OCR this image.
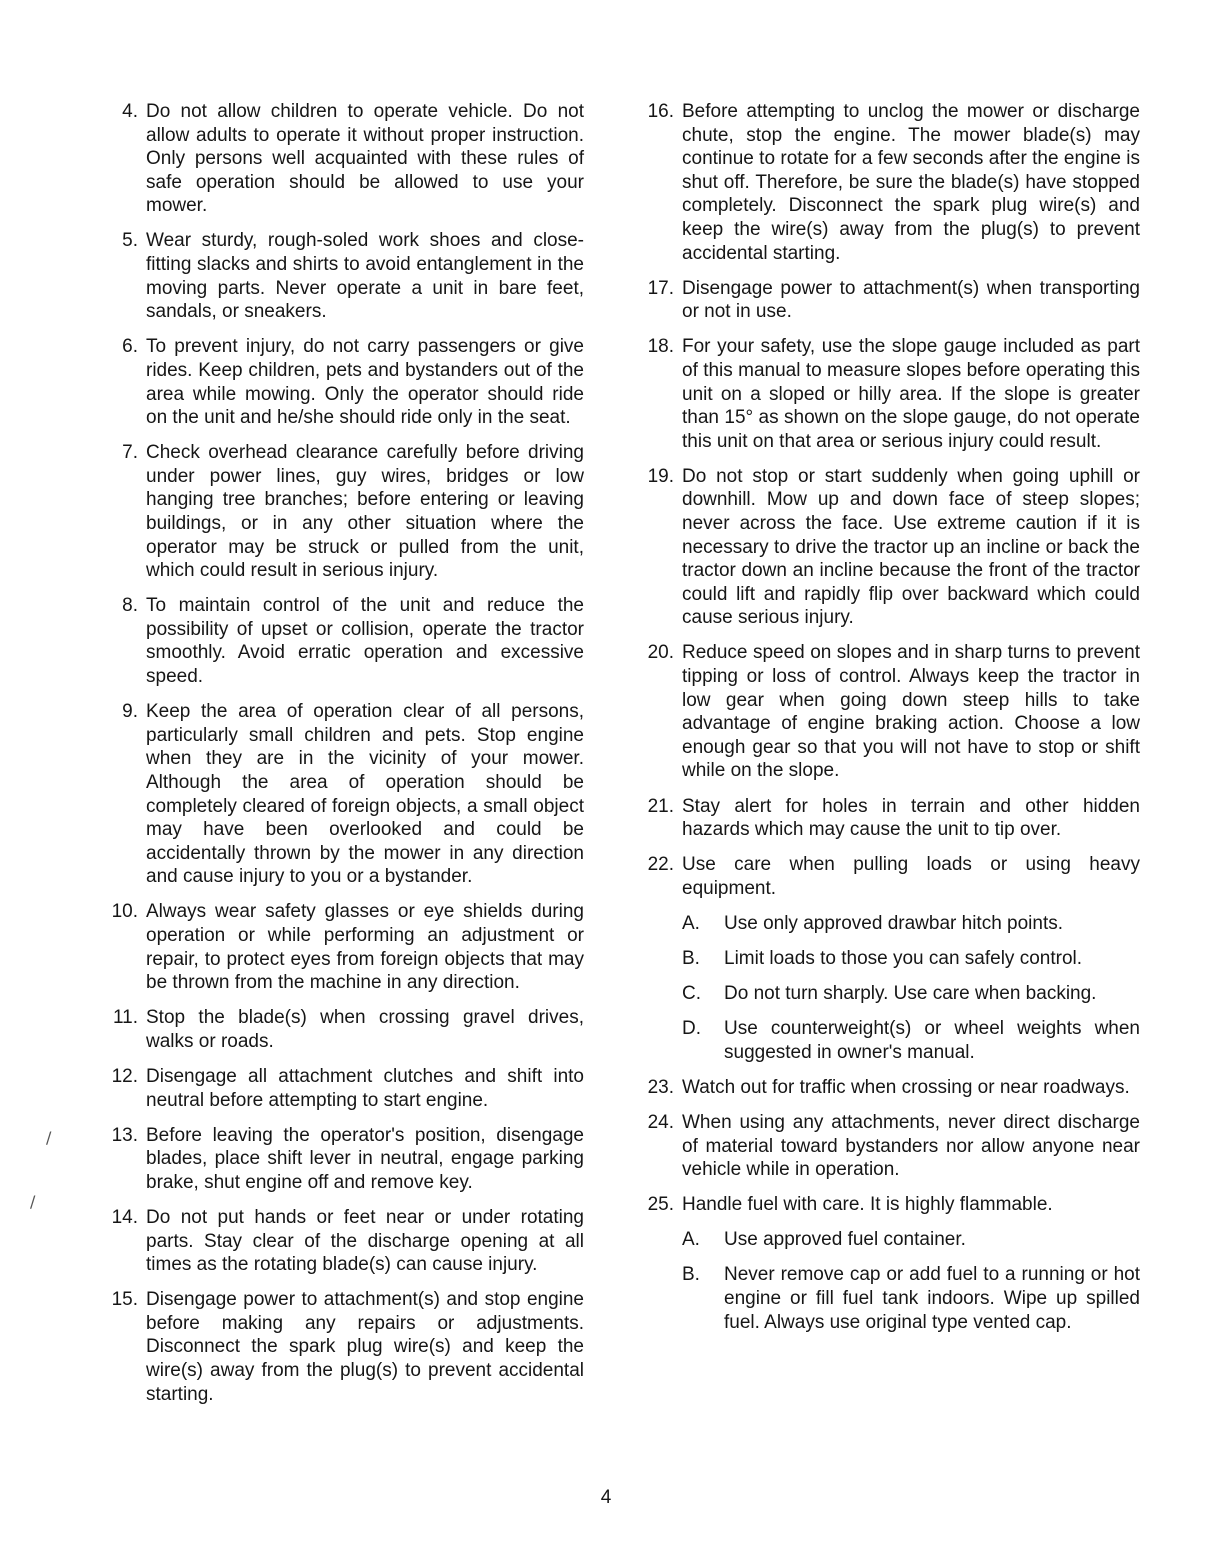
4. Do not allow children to operate vehicle. Do not allow adults to operate it without proper instruction. Only persons well acquainted with these rules of safe operation should be allowed to use your mower.
5. Wear sturdy, rough-soled work shoes and close-fitting slacks and shirts to avoid entanglement in the moving parts. Never operate a unit in bare feet, sandals, or sneakers.
6. To prevent injury, do not carry passengers or give rides. Keep children, pets and bystanders out of the area while mowing. Only the operator should ride on the unit and he/she should ride only in the seat.
7. Check overhead clearance carefully before driving under power lines, guy wires, bridges or low hanging tree branches; before entering or leaving buildings, or in any other situation where the operator may be struck or pulled from the unit, which could result in serious injury.
8. To maintain control of the unit and reduce the possibility of upset or collision, operate the tractor smoothly. Avoid erratic operation and excessive speed.
9. Keep the area of operation clear of all persons, particularly small children and pets. Stop engine when they are in the vicinity of your mower. Although the area of operation should be completely cleared of foreign objects, a small object may have been overlooked and could be accidentally thrown by the mower in any direction and cause injury to you or a bystander.
10. Always wear safety glasses or eye shields during operation or while performing an adjustment or repair, to protect eyes from foreign objects that may be thrown from the machine in any direction.
11. Stop the blade(s) when crossing gravel drives, walks or roads.
12. Disengage all attachment clutches and shift into neutral before attempting to start engine.
13. Before leaving the operator's position, disengage blades, place shift lever in neutral, engage parking brake, shut engine off and remove key.
14. Do not put hands or feet near or under rotating parts. Stay clear of the discharge opening at all times as the rotating blade(s) can cause injury.
15. Disengage power to attachment(s) and stop engine before making any repairs or adjustments. Disconnect the spark plug wire(s) and keep the wire(s) away from the plug(s) to prevent accidental starting.
16. Before attempting to unclog the mower or discharge chute, stop the engine. The mower blade(s) may continue to rotate for a few seconds after the engine is shut off. Therefore, be sure the blade(s) have stopped completely. Disconnect the spark plug wire(s) and keep the wire(s) away from the plug(s) to prevent accidental starting.
17. Disengage power to attachment(s) when transporting or not in use.
18. For your safety, use the slope gauge included as part of this manual to measure slopes before operating this unit on a sloped or hilly area. If the slope is greater than 15° as shown on the slope gauge, do not operate this unit on that area or serious injury could result.
19. Do not stop or start suddenly when going uphill or downhill. Mow up and down face of steep slopes; never across the face. Use extreme caution if it is necessary to drive the tractor up an incline or back the tractor down an incline because the front of the tractor could lift and rapidly flip over backward which could cause serious injury.
20. Reduce speed on slopes and in sharp turns to prevent tipping or loss of control. Always keep the tractor in low gear when going down steep hills to take advantage of engine braking action. Choose a low enough gear so that you will not have to stop or shift while on the slope.
21. Stay alert for holes in terrain and other hidden hazards which may cause the unit to tip over.
22. Use care when pulling loads or using heavy equipment.
A. Use only approved drawbar hitch points.
B. Limit loads to those you can safely control.
C. Do not turn sharply. Use care when backing.
D. Use counterweight(s) or wheel weights when suggested in owner's manual.
23. Watch out for traffic when crossing or near roadways.
24. When using any attachments, never direct discharge of material toward bystanders nor allow anyone near vehicle while in operation.
25. Handle fuel with care. It is highly flammable.
A. Use approved fuel container.
B. Never remove cap or add fuel to a running or hot engine or fill fuel tank indoors. Wipe up spilled fuel. Always use original type vented cap.
/
/
4
